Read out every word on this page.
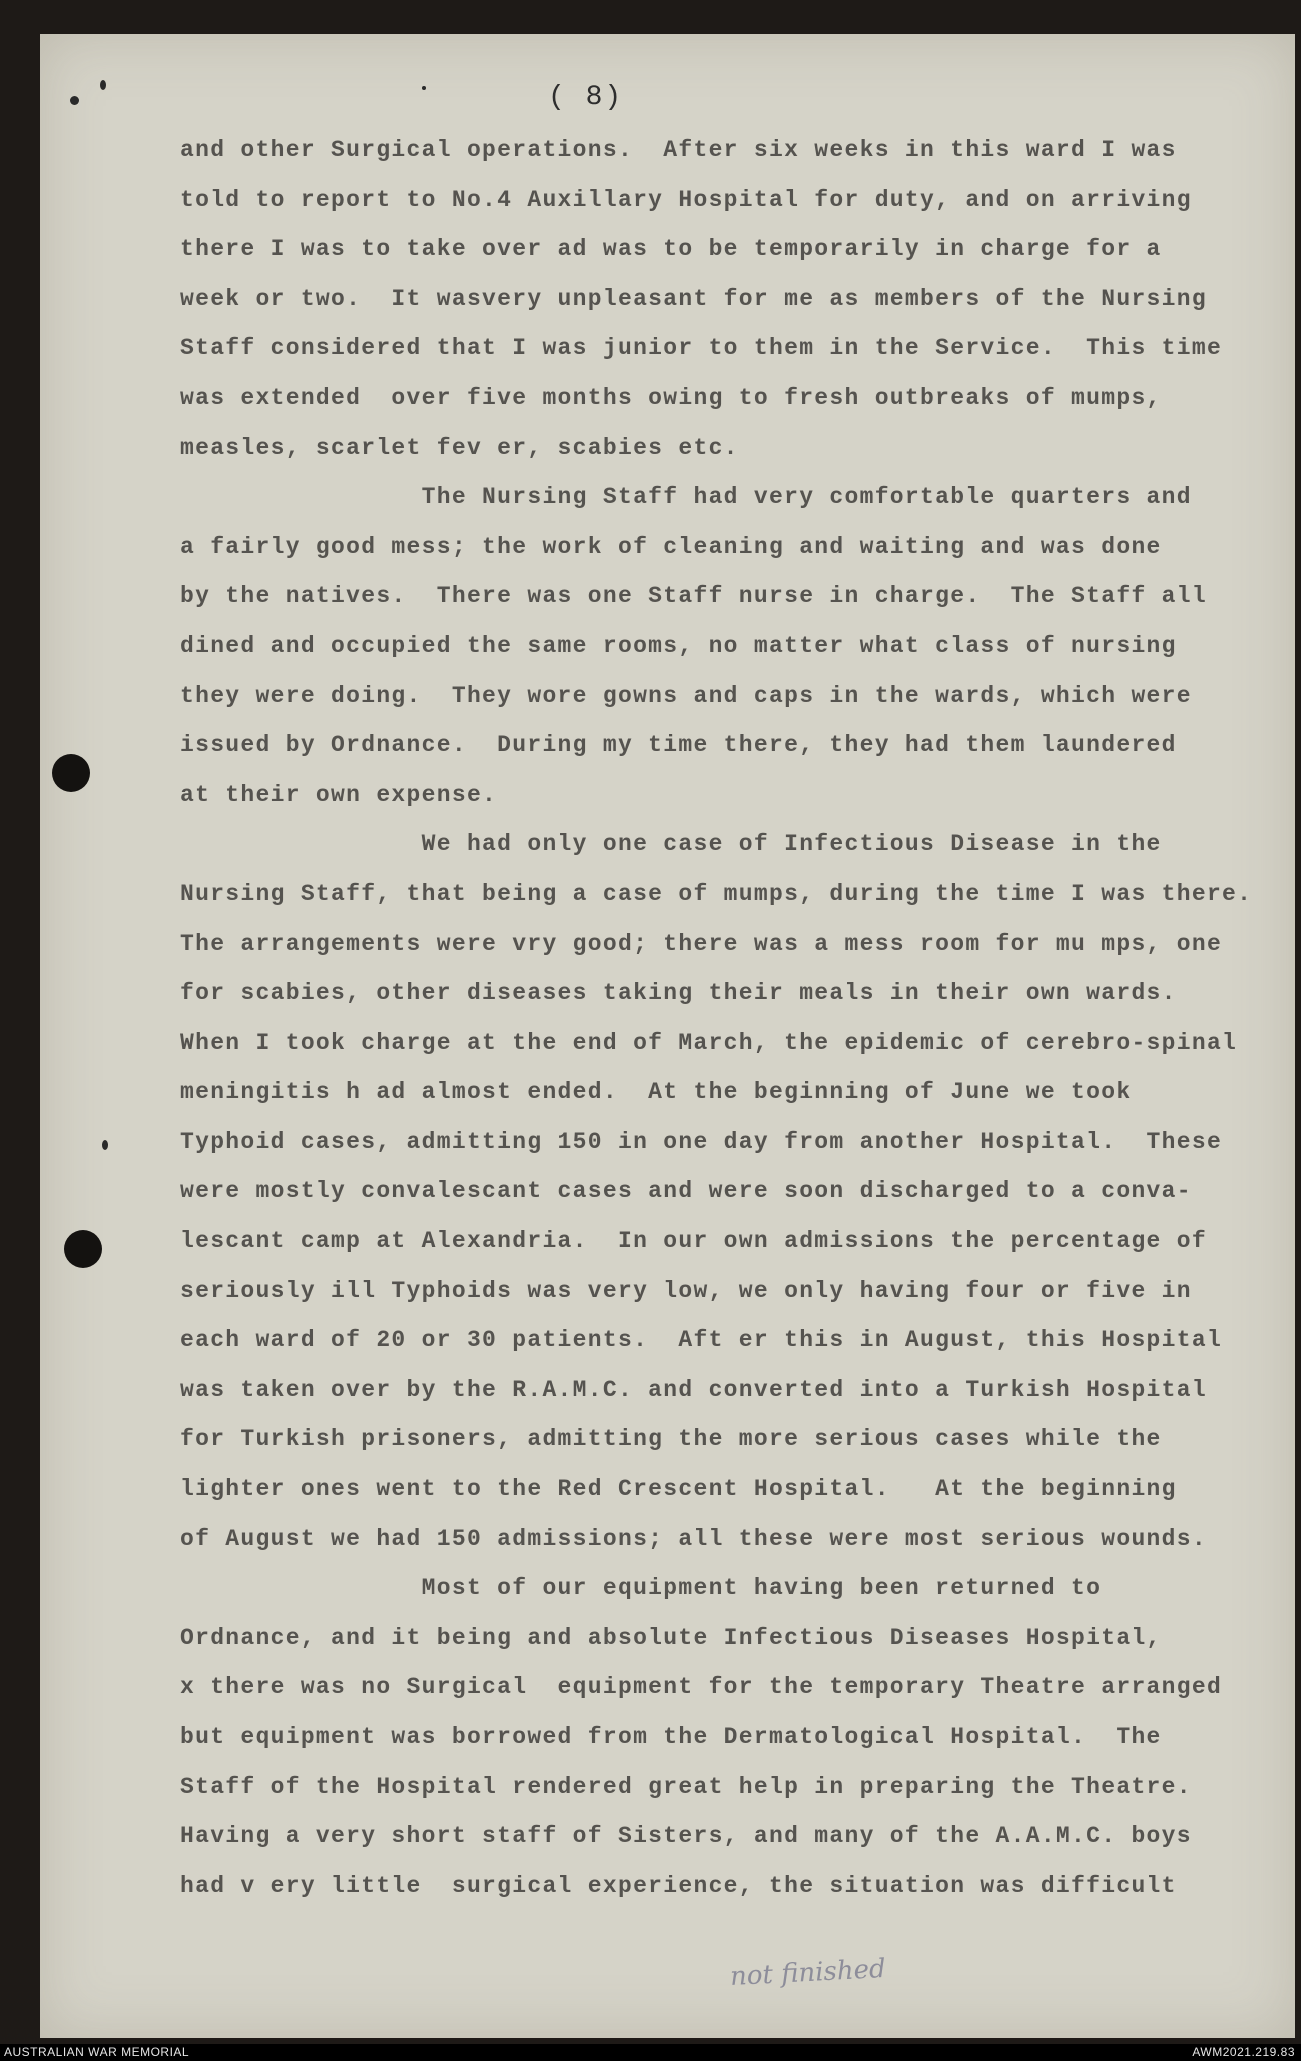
( 8)

and other Surgical operations.  After six weeks in this ward I was
told to report to No.4 Auxillary Hospital for duty, and on arriving
there I was to take over ad was to be temporarily in charge for a
week or two.  It wasvery unpleasant for me as members of the Nursing
Staff considered that I was junior to them in the Service.  This time
was extended  over five months owing to fresh outbreaks of mumps,
measles, scarlet fev er, scabies etc.
The Nursing Staff had very comfortable quarters and
a fairly good mess; the work of cleaning and waiting and was done
by the natives.  There was one Staff nurse in charge.  The Staff all
dined and occupied the same rooms, no matter what class of nursing
they were doing.  They wore gowns and caps in the wards, which were
issued by Ordnance.  During my time there, they had them laundered
at their own expense.
We had only one case of Infectious Disease in the
Nursing Staff, that being a case of mumps, during the time I was there.
The arrangements were vry good; there was a mess room for mu mps, one
for scabies, other diseases taking their meals in their own wards.
When I took charge at the end of March, the epidemic of cerebro-spinal
meningitis h ad almost ended.  At the beginning of June we took
Typhoid cases, admitting 150 in one day from another Hospital.  These
were mostly convalescant cases and were soon discharged to a conva-
lescant camp at Alexandria.  In our own admissions the percentage of
seriously ill Typhoids was very low, we only having four or five in
each ward of 20 or 30 patients.  Aft er this in August, this Hospital
was taken over by the R.A.M.C. and converted into a Turkish Hospital
for Turkish prisoners, admitting the more serious cases while the
lighter ones went to the Red Crescent Hospital.   At the beginning
of August we had 150 admissions; all these were most serious wounds.
Most of our equipment having been returned to
Ordnance, and it being and absolute Infectious Diseases Hospital,
x there was no Surgical  equipment for the temporary Theatre arranged
but equipment was borrowed from the Dermatological Hospital.  The
Staff of the Hospital rendered great help in preparing the Theatre.
Having a very short staff of Sisters, and many of the A.A.M.C. boys
had v ery little  surgical experience, the situation was difficult
not finished
AUSTRALIAN WAR MEMORIAL	AWM2021.219.83
